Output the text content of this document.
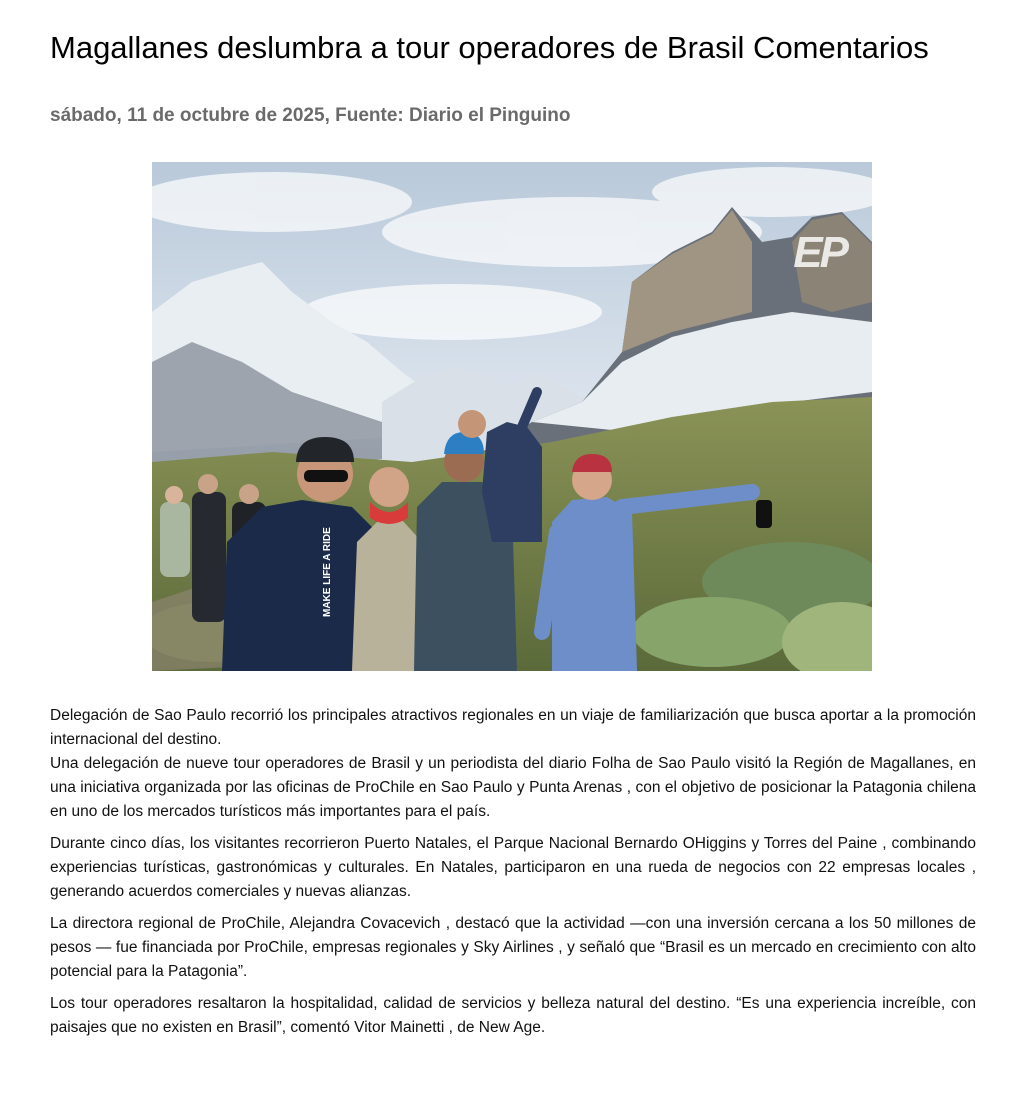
Magallanes deslumbra a tour operadores de Brasil Comentarios
sábado, 11 de octubre de 2025, Fuente: Diario el Pinguino
MAKE LIFE A RIDE
EP

Delegación de Sao Paulo recorrió los principales atractivos regionales en un viaje de familiarización que busca aportar a la promoción internacional del destino.

Una delegación de nueve tour operadores de Brasil y un periodista del diario Folha de Sao Paulo visitó la Región de Magallanes, en una iniciativa organizada por las oficinas de ProChile en Sao Paulo y Punta Arenas , con el objetivo de posicionar la Patagonia chilena en uno de los mercados turísticos más importantes para el país.

Durante cinco días, los visitantes recorrieron Puerto Natales, el Parque Nacional Bernardo OHiggins y Torres del Paine , combinando experiencias turísticas, gastronómicas y culturales. En Natales, participaron en una rueda de negocios con 22 empresas locales , generando acuerdos comerciales y nuevas alianzas.

La directora regional de ProChile, Alejandra Covacevich , destacó que la actividad —con una inversión cercana a los 50 millones de pesos — fue financiada por ProChile, empresas regionales y Sky Airlines , y señaló que “Brasil es un mercado en crecimiento con alto potencial para la Patagonia”.

Los tour operadores resaltaron la hospitalidad, calidad de servicios y belleza natural del destino. “Es una experiencia increíble, con paisajes que no existen en Brasil”, comentó Vitor Mainetti , de New Age.
